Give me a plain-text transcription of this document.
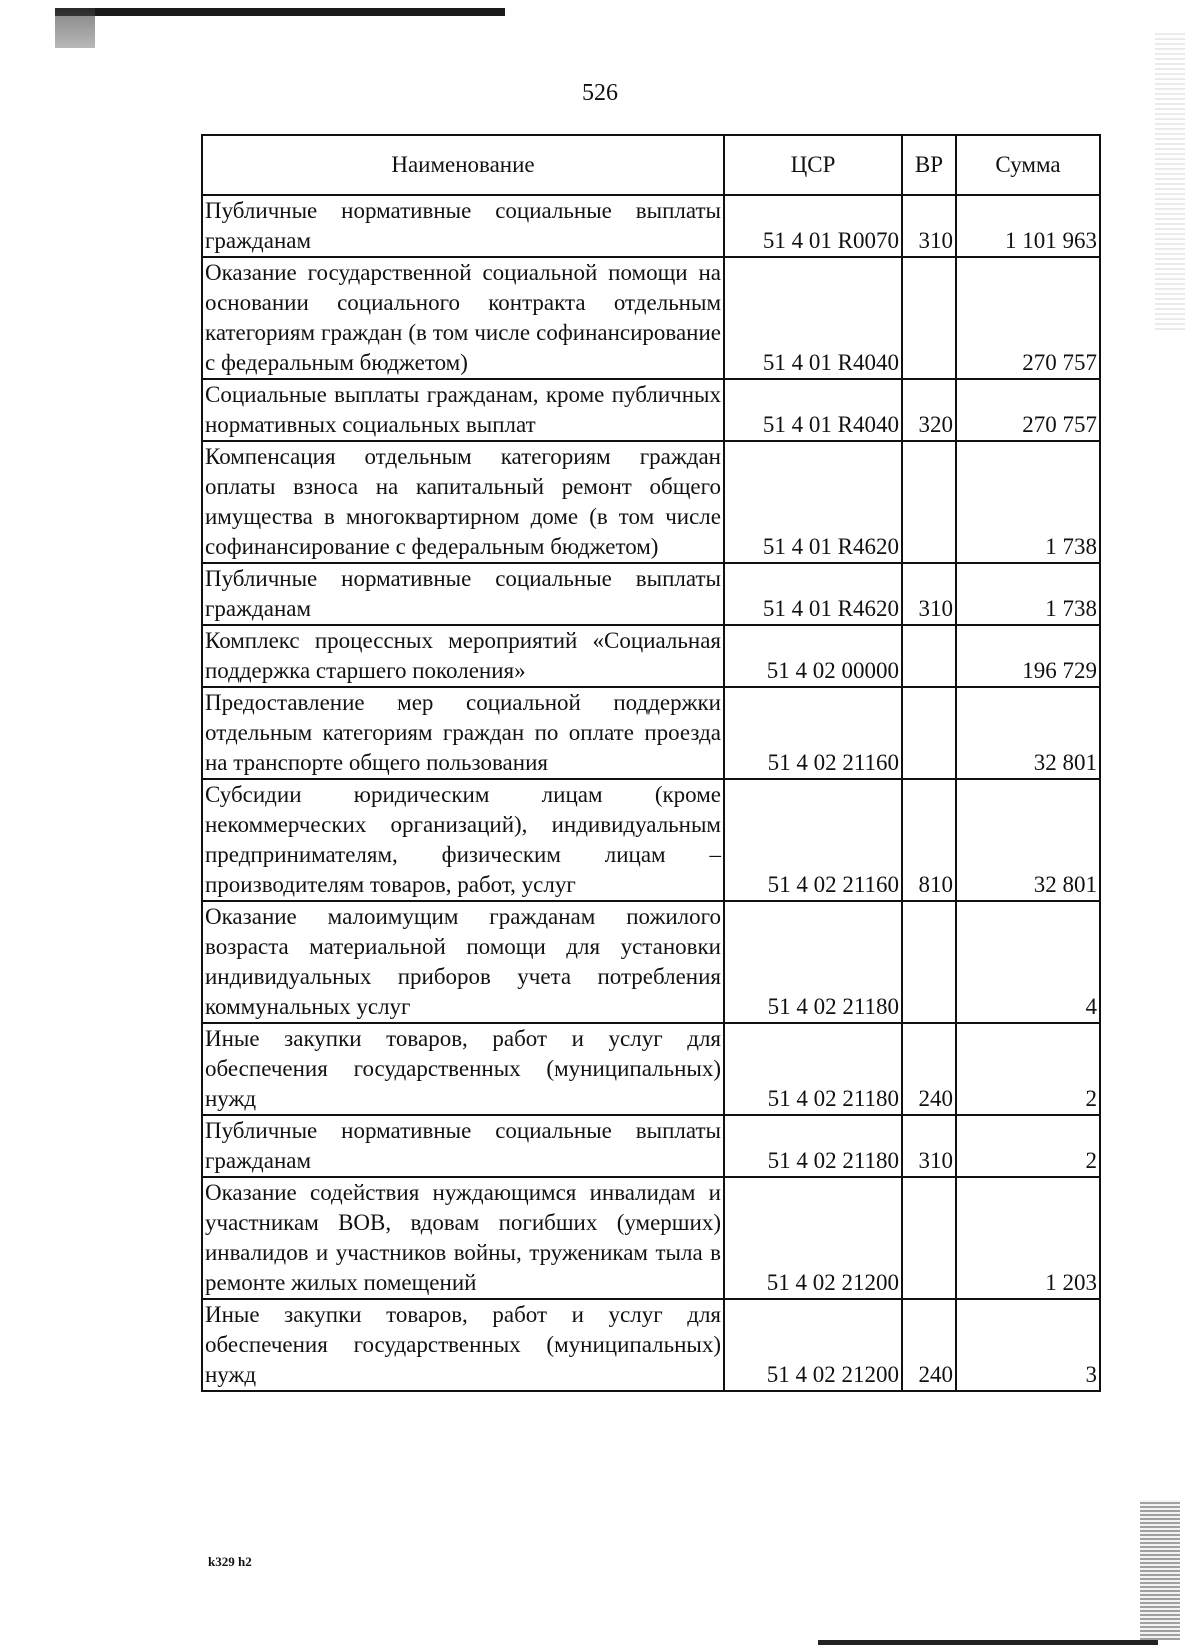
526
Наименование	ЦСР	ВР	Сумма
Публичные нормативные социальные выплаты гражданам	51 4 01 R0070	310	1 101 963
Оказание государственной социальной помощи на основании социального контракта отдельным категориям граждан (в том числе софинансирование с федеральным бюджетом)	51 4 01 R4040		270 757
Социальные выплаты гражданам, кроме публичных нормативных социальных выплат	51 4 01 R4040	320	270 757
Компенсация отдельным категориям граждан оплаты взноса на капитальный ремонт общего имущества в многоквартирном доме (в том числе софинансирование с федеральным бюджетом)	51 4 01 R4620		1 738
Публичные нормативные социальные выплаты гражданам	51 4 01 R4620	310	1 738
Комплекс процессных мероприятий «Социальная поддержка старшего поколения»	51 4 02 00000		196 729
Предоставление мер социальной поддержки отдельным категориям граждан по оплате проезда на транспорте общего пользования	51 4 02 21160		32 801
Субсидии юридическим лицам (кроме некоммерческих организаций), индивидуальным предпринимателям, физическим лицам – производителям товаров, работ, услуг	51 4 02 21160	810	32 801
Оказание малоимущим гражданам пожилого возраста материальной помощи для установки индивидуальных приборов учета потребления коммунальных услуг	51 4 02 21180		4
Иные закупки товаров, работ и услуг для обеспечения государственных (муниципальных) нужд	51 4 02 21180	240	2
Публичные нормативные социальные выплаты гражданам	51 4 02 21180	310	2
Оказание содействия нуждающимся инвалидам и участникам ВОВ, вдовам погибших (умерших) инвалидов и участников войны, труженикам тыла в ремонте жилых помещений	51 4 02 21200		1 203
Иные закупки товаров, работ и услуг для обеспечения государственных (муниципальных) нужд	51 4 02 21200	240	3
k329 h2
